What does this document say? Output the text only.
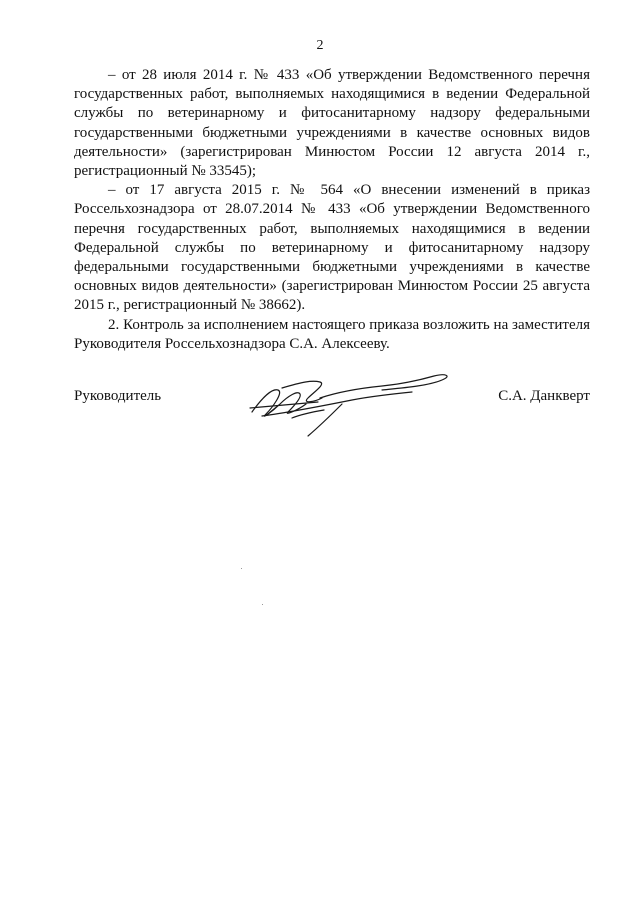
2

– от 28 июля 2014 г. № 433 «Об утверждении Ведомственного перечня государственных работ, выполняемых находящимися в ведении Федеральной службы по ветеринарному и фитосанитарному надзору федеральными государственными бюджетными учреждениями в качестве основных видов деятельности» (зарегистрирован Минюстом России 12 августа 2014 г., регистрационный № 33545);

– от 17 августа 2015 г. № 564 «О внесении изменений в приказ Россельхознадзора от 28.07.2014 № 433 «Об утверждении Ведомственного перечня государственных работ, выполняемых находящимися в ведении Федеральной службы по ветеринарному и фитосанитарному надзору федеральными государственными бюджетными учреждениями в качестве основных видов деятельности» (зарегистрирован Минюстом России 25 августа 2015 г., регистрационный № 38662).

2. Контроль за исполнением настоящего приказа возложить на заместителя Руководителя Россельхознадзора С.А. Алексееву.

Руководитель	С.А. Данкверт
